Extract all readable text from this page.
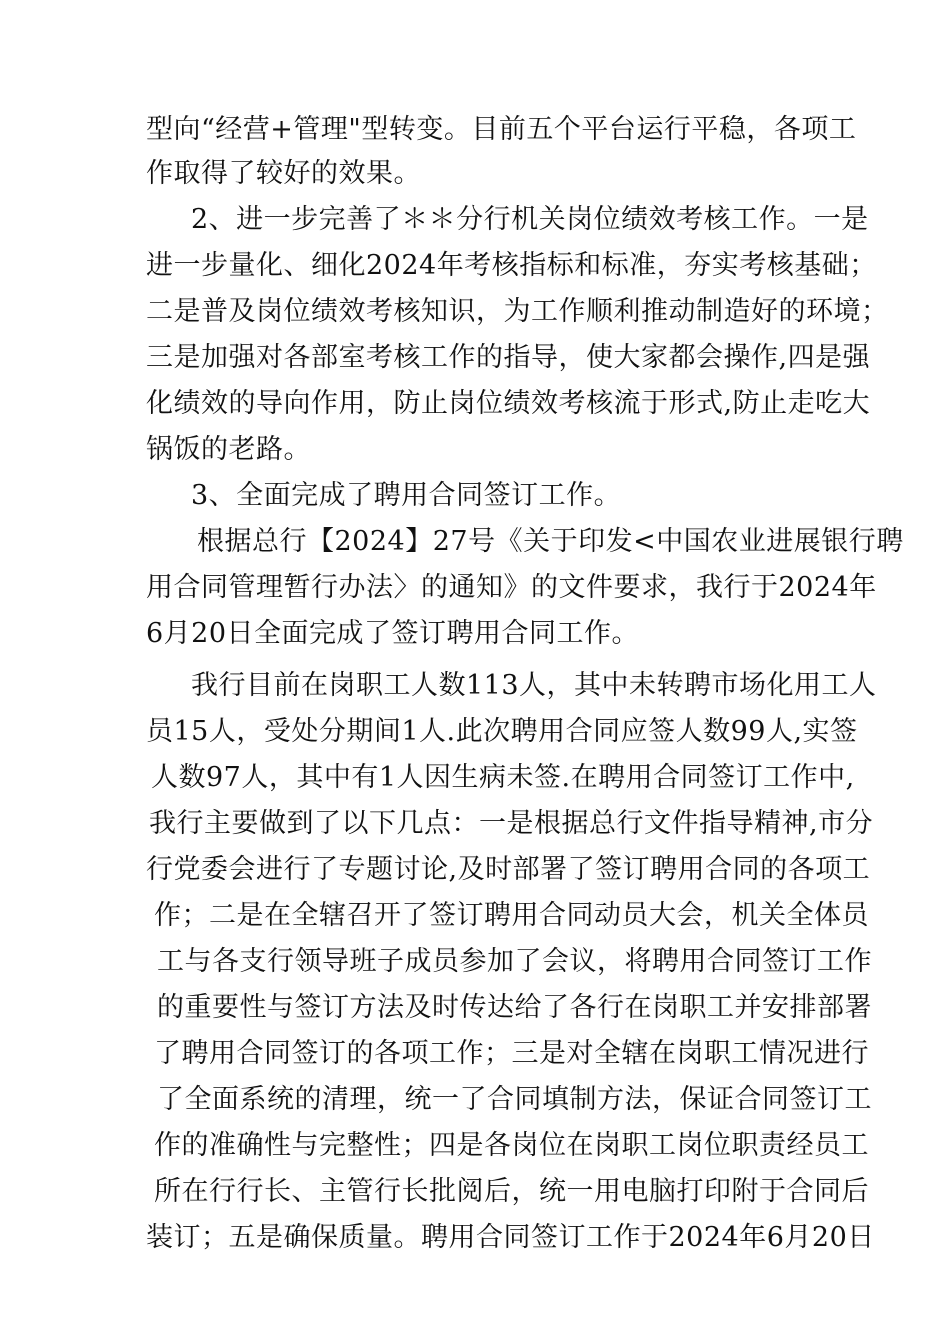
型向“经营+管理"型转变。目前五个平台运行平稳，各项工
作取得了较好的效果。
2、进一步完善了＊＊分行机关岗位绩效考核工作。一是
进一步量化、细化2024年考核指标和标准，夯实考核基础；
二是普及岗位绩效考核知识，为工作顺利推动制造好的环境；
三是加强对各部室考核工作的指导，使大家都会操作,四是强
化绩效的导向作用，防止岗位绩效考核流于形式,防止走吃大
锅饭的老路。
3、全面完成了聘用合同签订工作。
根据总行【2024】27号《关于印发<中国农业进展银行聘
用合同管理暂行办法〉的通知》的文件要求，我行于2024年
6月20日全面完成了签订聘用合同工作。
我行目前在岗职工人数113人，其中未转聘市场化用工人
员15人，受处分期间1人.此次聘用合同应签人数99人,实签
人数97人，其中有1人因生病未签.在聘用合同签订工作中,
我行主要做到了以下几点：一是根据总行文件指导精神,市分
行党委会进行了专题讨论,及时部署了签订聘用合同的各项工
作；二是在全辖召开了签订聘用合同动员大会，机关全体员
工与各支行领导班子成员参加了会议，将聘用合同签订工作
的重要性与签订方法及时传达给了各行在岗职工并安排部署
了聘用合同签订的各项工作；三是对全辖在岗职工情况进行
了全面系统的清理，统一了合同填制方法，保证合同签订工
作的准确性与完整性；四是各岗位在岗职工岗位职责经员工
所在行行长、主管行长批阅后，统一用电脑打印附于合同后
装订；五是确保质量。聘用合同签订工作于2024年6月20日
